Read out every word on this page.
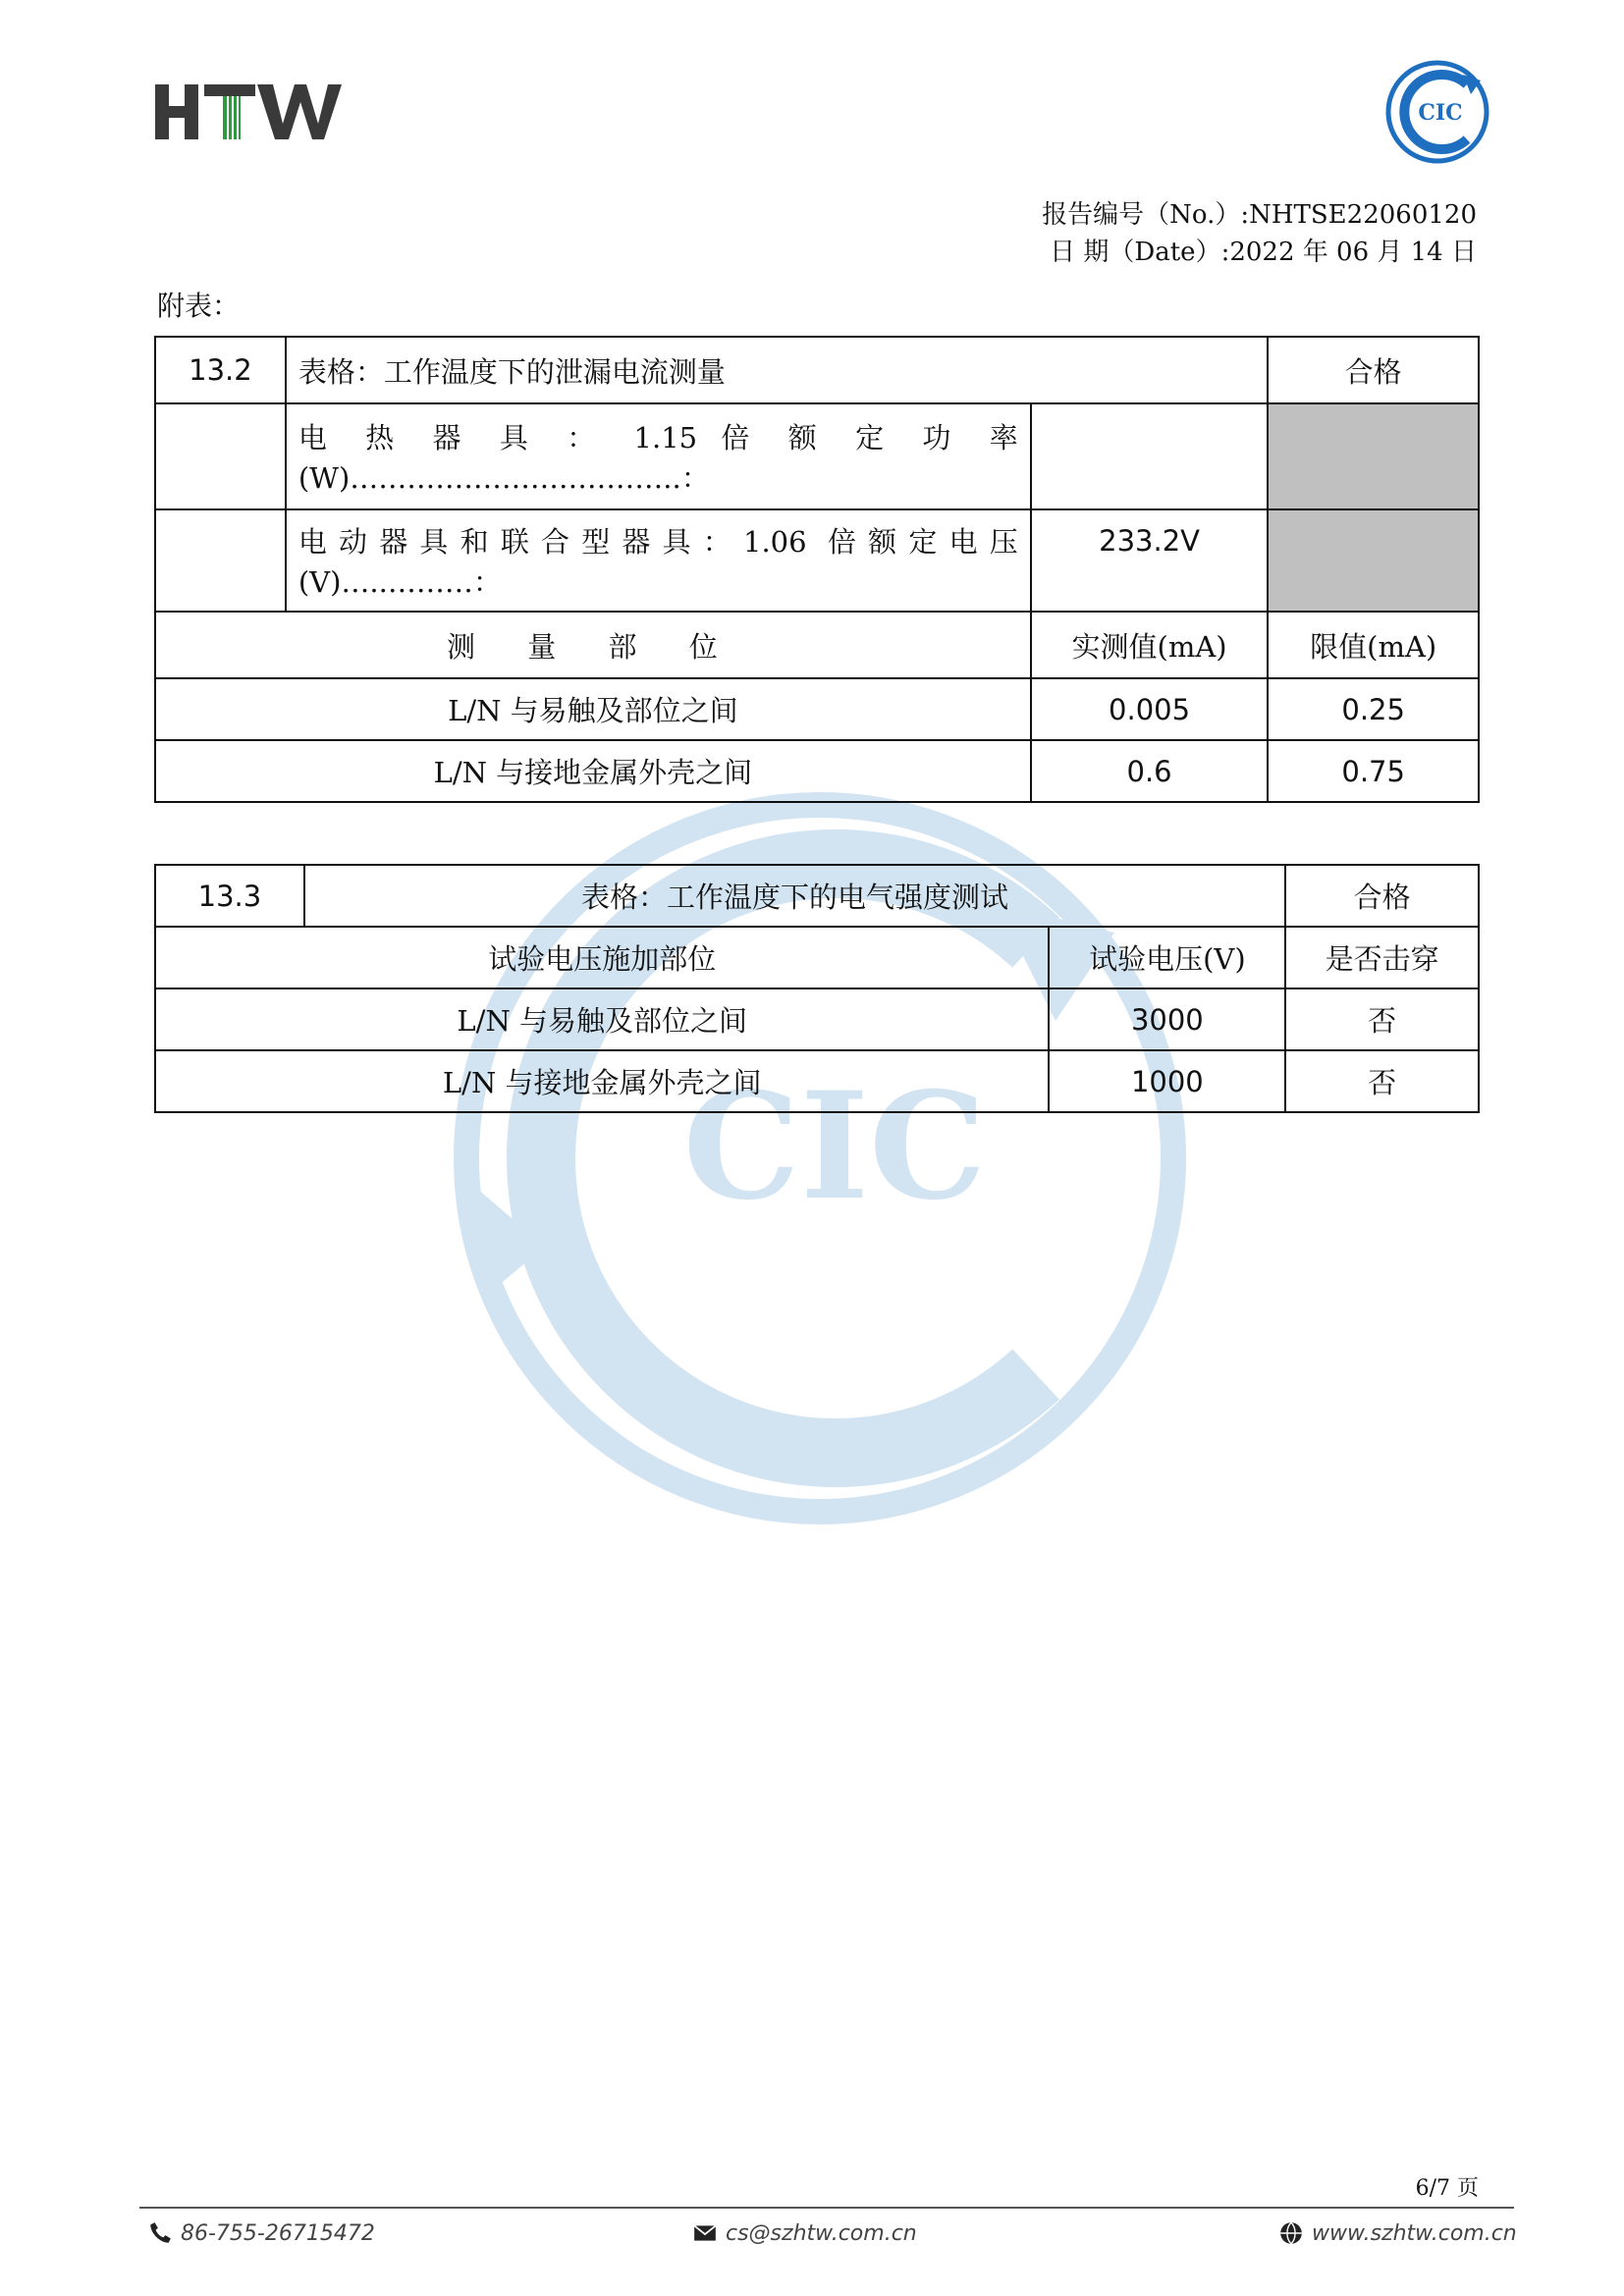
CIC
CIC
报告编号（No.）:NHTSE22060120
日 期（Date）:2022 年 06 月 14 日
附表：
13.2	表格：工作温度下的泄漏电流测量		合格

	电 热 器 具 ： 1.15 倍 额 定 功 率
(W)……………………………..：		

	电动器具和联合型器具：1.06 倍额定电压
(V)…..………：	233.2V	
测 量 部 位		实测值(mA)	限值(mA)
L/N 与易触及部位之间		0.005	0.25
L/N 与接地金属外壳之间		0.6	0.75
13.3	表格：工作温度下的电气强度测试		合格
试验电压施加部位		试验电压(V)	是否击穿
L/N 与易触及部位之间		3000	否
L/N 与接地金属外壳之间		1000	否
6/7 页
86-755-26715472	cs@szhtw.com.cn	www.szhtw.com.cn
